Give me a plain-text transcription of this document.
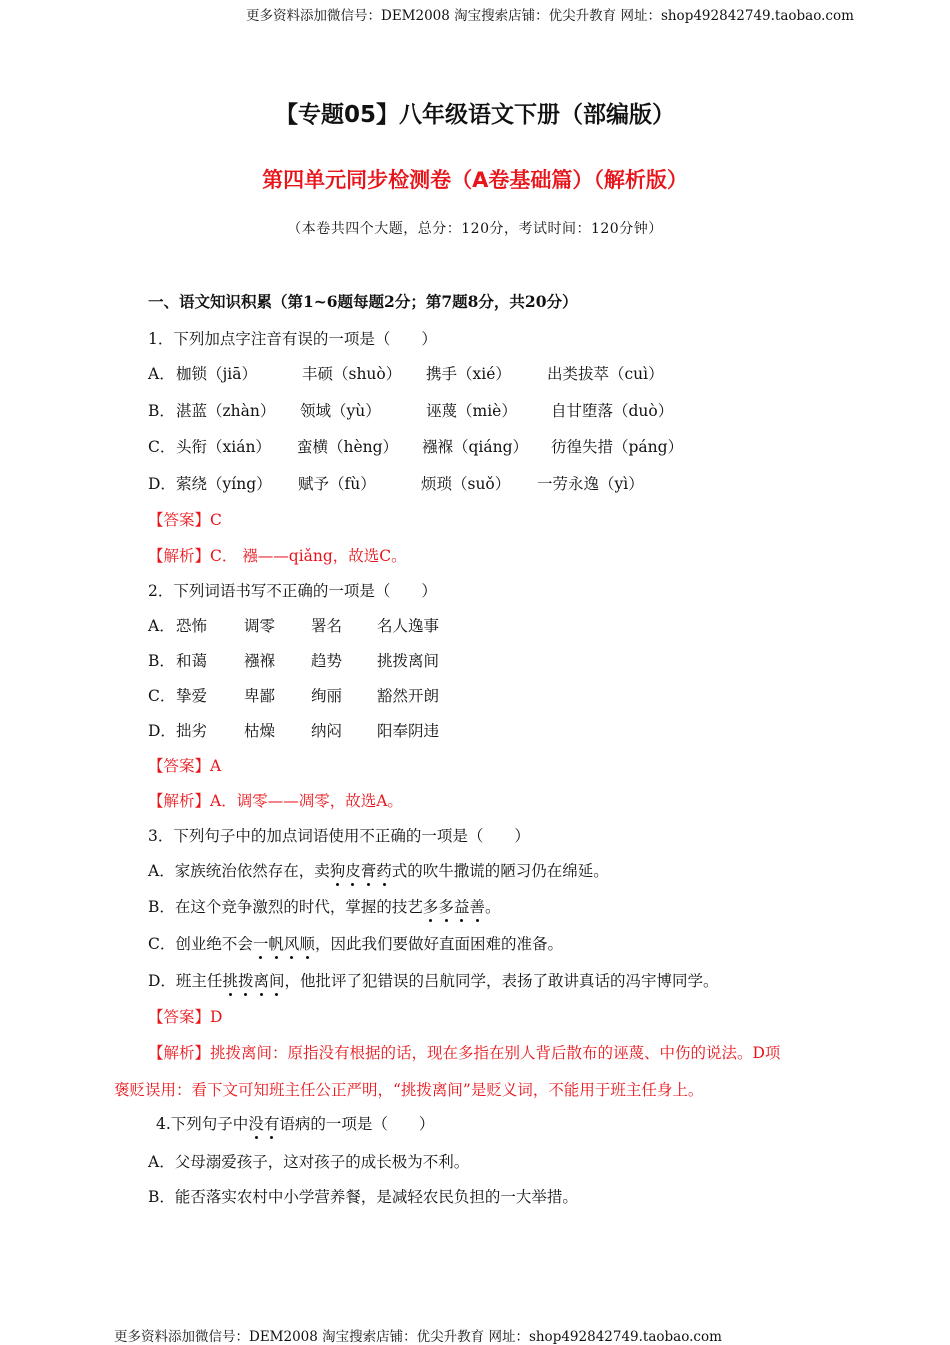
更多资料添加微信号：DEM2008 淘宝搜索店铺：优尖升教育 网址：shop492842749.taobao.com
【专题05】八年级语文下册（部编版）
第四单元同步检测卷（A卷基础篇）（解析版）
（本卷共四个大题，总分：120分，考试时间：120分钟）
一、语文知识积累（第1~6题每题2分；第7题8分，共20分）
1．下列加点字注音有误的一项是（　　）
A． 枷锁（jiā）	丰硕（shuò） 携手（xié） 出类拔萃（cuì）
B． 湛蓝（zhàn） 领域（yù）	诬蔑（miè） 自甘堕落（duò）
C． 头衔（xián） 蛮横（hèng） 襁褓（qiáng） 彷徨失措（páng）
D． 萦绕（yíng） 赋予（fù）	烦琐（suǒ） 一劳永逸（yì）
【答案】C
【解析】C． 襁——qiǎng，故选C。
2．下列词语书写不正确的一项是（　　）
A． 恐怖 调零 署名 名人逸事
B． 和蔼 襁褓 趋势 挑拨离间
C． 挚爱 卑鄙 绚丽 豁然开朗
D． 拙劣 枯燥 纳闷 阳奉阴违
【答案】A
【解析】A．调零——凋零，故选A。
3．下列句子中的加点词语使用不正确的一项是（　　）
A．家族统治依然存在，卖狗皮膏药式的吹牛撒谎的陋习仍在绵延。
B．在这个竞争激烈的时代，掌握的技艺多多益善。
C．创业绝不会一帆风顺，因此我们要做好直面困难的准备。
D．班主任挑拨离间，他批评了犯错误的吕航同学，表扬了敢讲真话的冯宇博同学。
【答案】D
【解析】挑拨离间：原指没有根据的话，现在多指在别人背后散布的诬蔑、中伤的说法。D项
褒贬误用：看下文可知班主任公正严明，“挑拨离间”是贬义词，不能用于班主任身上。
4.下列句子中没有语病的一项是（　　）
A．父母溺爱孩子，这对孩子的成长极为不利。
B．能否落实农村中小学营养餐，是减轻农民负担的一大举措。
更多资料添加微信号：DEM2008 淘宝搜索店铺：优尖升教育 网址：shop492842749.taobao.com
